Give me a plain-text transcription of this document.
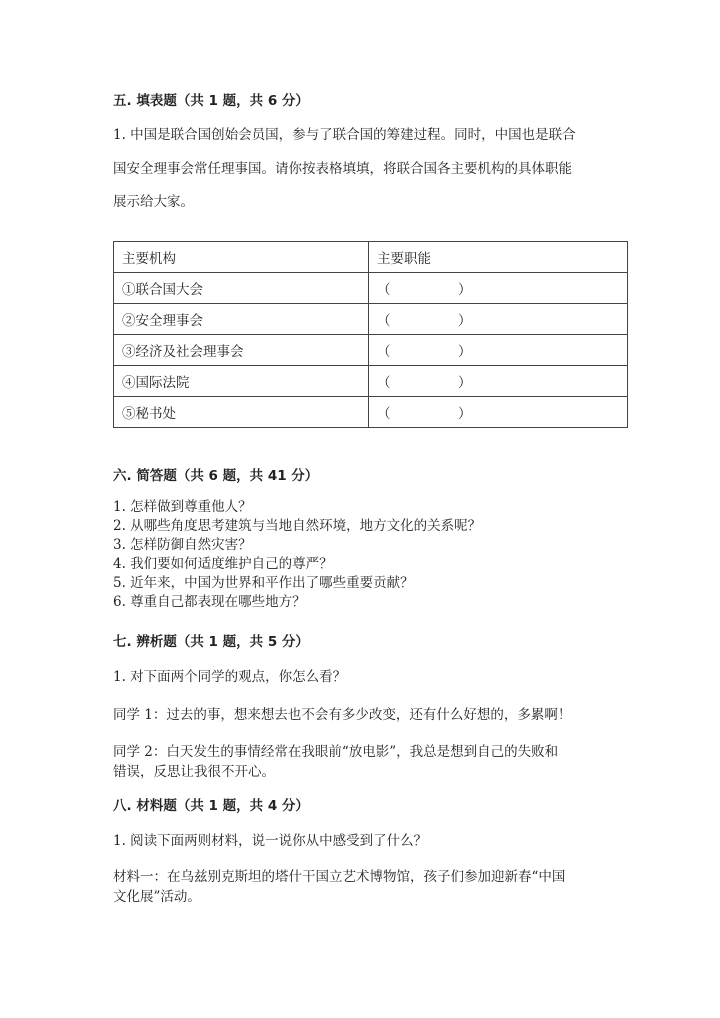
五. 填表题（共 1 题，共 6 分）
1. 中国是联合国创始会员国，参与了联合国的筹建过程。同时，中国也是联合
国安全理事会常任理事国。请你按表格填填，将联合国各主要机构的具体职能
展示给大家。
主要机构	主要职能
①联合国大会	（　　　　　）
②安全理事会	（　　　　　）
③经济及社会理事会	（　　　　　）
④国际法院	（　　　　　）
⑤秘书处	（　　　　　）
六. 简答题（共 6 题，共 41 分）
1. 怎样做到尊重他人？
2. 从哪些角度思考建筑与当地自然环境，地方文化的关系呢？
3. 怎样防御自然灾害？
4. 我们要如何适度维护自己的尊严？
5. 近年来，中国为世界和平作出了哪些重要贡献？
6. 尊重自己都表现在哪些地方？
七. 辨析题（共 1 题，共 5 分）
1. 对下面两个同学的观点，你怎么看？
同学 1：过去的事，想来想去也不会有多少改变，还有什么好想的，多累啊！
同学 2：白天发生的事情经常在我眼前“放电影”，我总是想到自己的失败和
错误，反思让我很不开心。
八. 材料题（共 1 题，共 4 分）
1. 阅读下面两则材料，说一说你从中感受到了什么？
材料一：在乌兹别克斯坦的塔什干国立艺术博物馆，孩子们参加迎新春“中国
文化展”活动。
